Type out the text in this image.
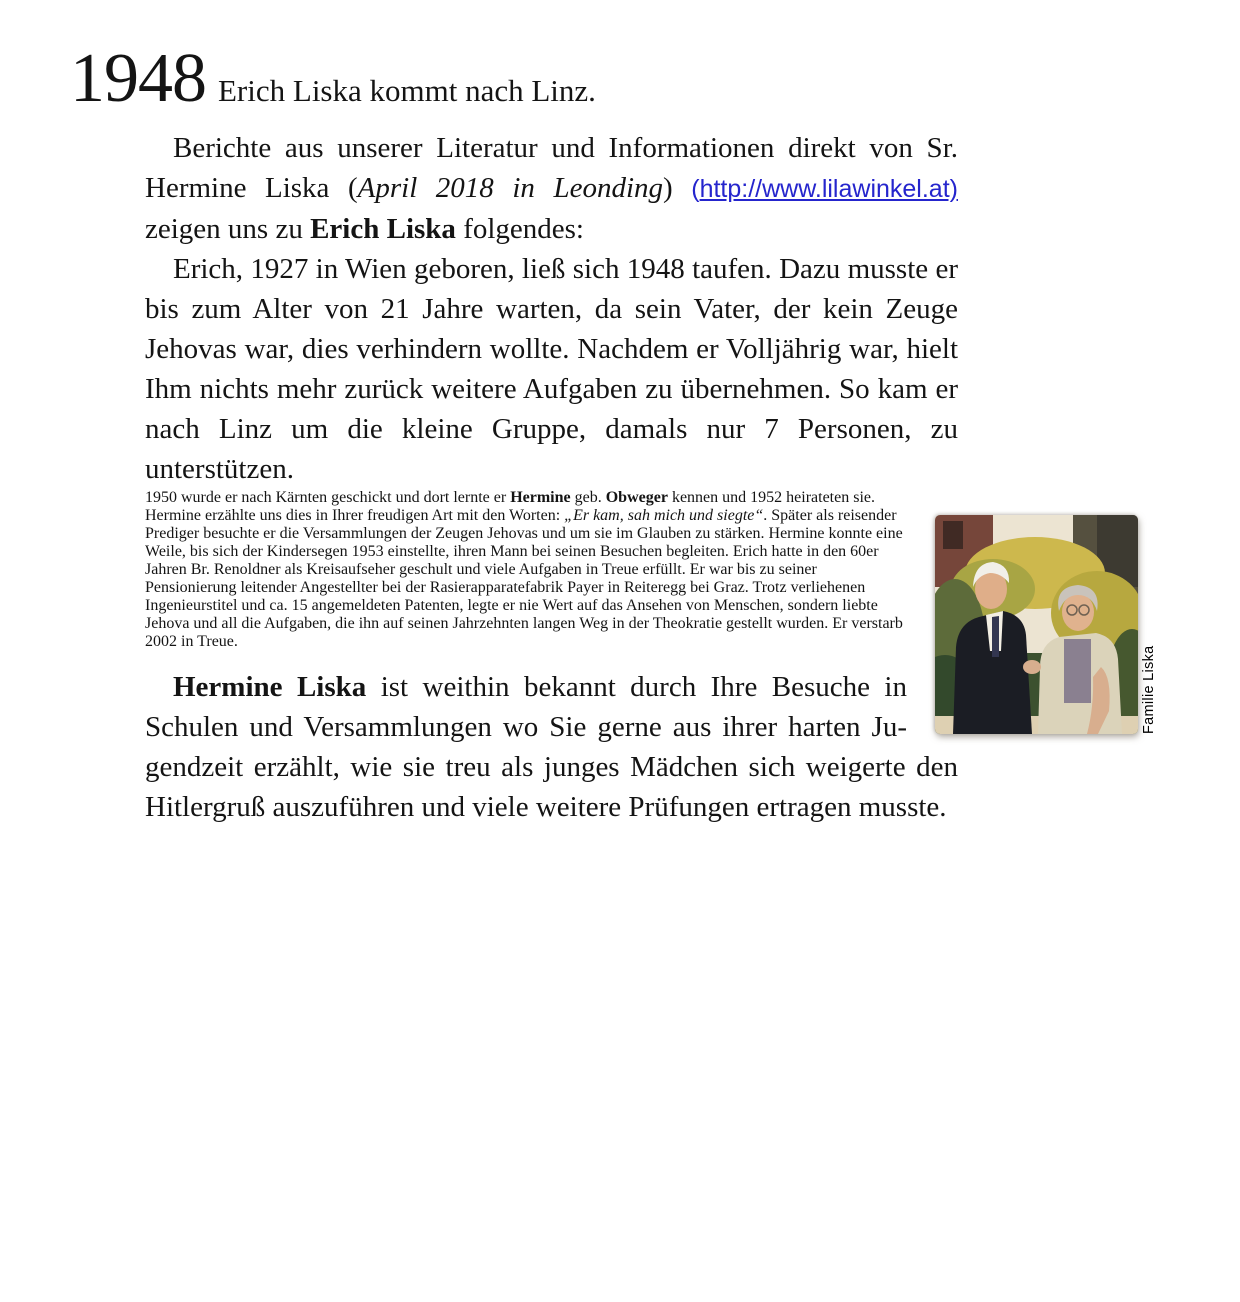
1948 Erich Liska kommt nach Linz.

Berichte aus unserer Literatur und Informationen direkt von Sr. Hermine Liska (April 2018 in Leonding) (http://www.lilawinkel.at) zeigen uns zu Erich Liska folgendes:

Erich, 1927 in Wien geboren, ließ sich 1948 taufen. Dazu musste er bis zum Alter von 21 Jahre warten, da sein Vater, der kein Zeuge Jehovas war, dies verhindern wollte. Nachdem er Volljährig war, hielt Ihm nichts mehr zurück weitere Aufgaben zu übernehmen. So kam er nach Linz um die kleine Gruppe, damals nur 7 Personen, zu unterstützen.

Familie Liska
1950 wurde er nach Kärnten geschickt und dort lernte er Hermine geb. Obweger kennen und 1952 heirateten sie. Hermine erzählte uns dies in Ihrer freudigen Art mit den Worten: „Er kam, sah mich und siegte“. Später als reisender Prediger besuchte er die Versammlungen der Zeugen Jehovas und um sie im Glauben zu stärken. Hermine konnte eine Weile, bis sich der Kindersegen 1953 einstellte, ihren Mann bei seinen Besuchen begleiten. Erich hatte in den 60er Jahren Br. Renoldner als Kreisaufseher geschult und viele Aufgaben in Treue erfüllt. Er war bis zu seiner Pensionierung leitender Angestellter bei der Rasierapparatefabrik Payer in Reiteregg bei Graz. Trotz verliehenen Ingenieurstitel und ca. 15 angemeldeten Patenten, legte er nie Wert auf das Ansehen von Menschen, sondern liebte Jehova und all die Aufgaben, die ihn auf seinen Jahrzehnten langen Weg in der Theokratie gestellt wurden. Er verstarb 2002 in Treue.

Hermine Liska ist weithin bekannt durch Ihre Besuche in Schulen und Versammlungen wo Sie gerne aus ihrer harten Jugendzeit erzählt, wie sie treu als junges Mädchen sich weigerte den Hitlergruß auszuführen und viele weitere Prüfungen ertragen musste.
